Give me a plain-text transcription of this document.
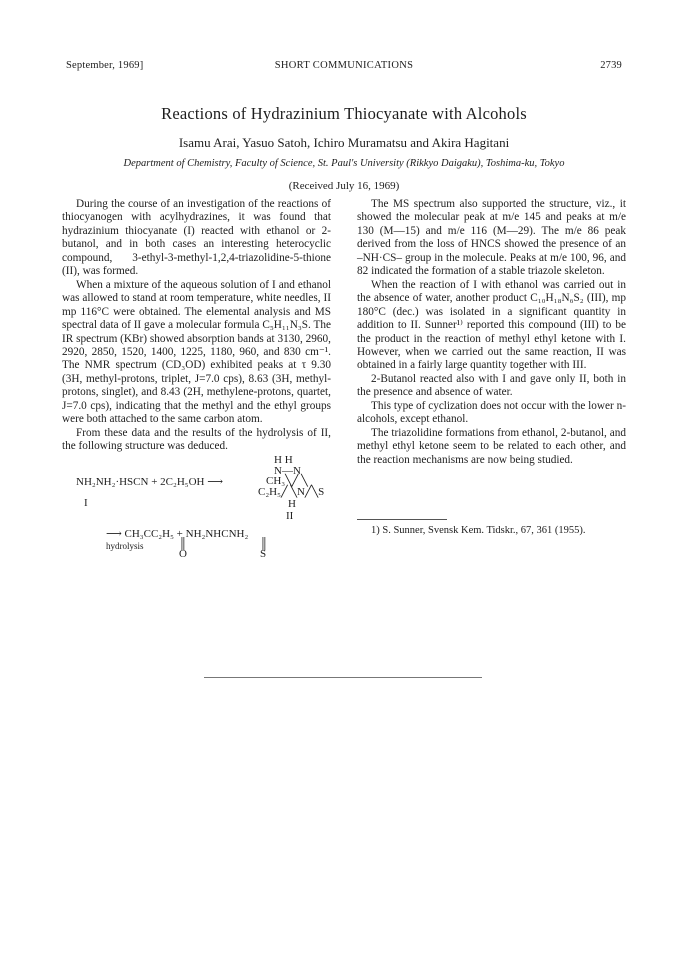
September, 1969]	SHORT COMMUNICATIONS	2739
Reactions of Hydrazinium Thiocyanate with Alcohols
Isamu Arai, Yasuo Satoh, Ichiro Muramatsu and Akira Hagitani
Department of Chemistry, Faculty of Science, St. Paul's University (Rikkyo Daigaku), Toshima-ku, Tokyo
(Received July 16, 1969)

During the course of an investigation of the reactions of thiocyanogen with acylhydrazines, it was found that hydrazinium thiocyanate (I) reacted with ethanol or 2-butanol, and in both cases an interesting heterocyclic compound, 3-ethyl-3-methyl-1,2,4-triazolidine-5-thione (II), was formed.

When a mixture of the aqueous solution of I and ethanol was allowed to stand at room temperature, white needles, II mp 116°C were obtained. The elemental analysis and MS spectral data of II gave a molecular formula C₅H₁₁N₃S. The IR spectrum (KBr) showed absorption bands at 3130, 2960, 2920, 2850, 1520, 1400, 1225, 1180, 960, and 830 cm⁻¹. The NMR spectrum (CD₃OD) exhibited peaks at τ 9.30 (3H, methyl-protons, triplet, J=7.0 cps), 8.63 (3H, methyl-protons, singlet), and 8.43 (2H, methylene-protons, quartet, J=7.0 cps), indicating that the methyl and the ethyl groups were both attached to the same carbon atom.

From these data and the results of the hydrolysis of II, the following structure was deduced.

H H
N—N
NH₂NH₂·HSCN + 2C₂H₅OH ⟶	CH₃╲╱ ╲
C₂H₅╱ ╲N╱╲S
I	H
II
⟶ CH₃CC₂H₅ + NH₂NHCNH₂
hydrolysis	║
O
║
S

The MS spectrum also supported the structure, viz., it showed the molecular peak at m/e 145 and peaks at m/e 130 (M—15) and m/e 116 (M—29). The m/e 86 peak derived from the loss of HNCS showed the presence of an –NH·CS– group in the molecule. Peaks at m/e 100, 96, and 82 indicated the formation of a stable triazole skeleton.

When the reaction of I with ethanol was carried out in the absence of water, another product C₁₀H₁₈N₆S₂ (III), mp 180°C (dec.) was isolated in a significant quantity in addition to II. Sunner¹⁾ reported this compound (III) to be the product in the reaction of methyl ethyl ketone with I. However, when we carried out the same reaction, II was obtained in a fairly large quantity together with III.

2-Butanol reacted also with I and gave only II, both in the presence and absence of water.

This type of cyclization does not occur with the lower n-alcohols, except ethanol.

The triazolidine formations from ethanol, 2-butanol, and methyl ethyl ketone seem to be related to each other, and the reaction mechanisms are now being studied.

1) S. Sunner, Svensk Kem. Tidskr., 67, 361 (1955).
